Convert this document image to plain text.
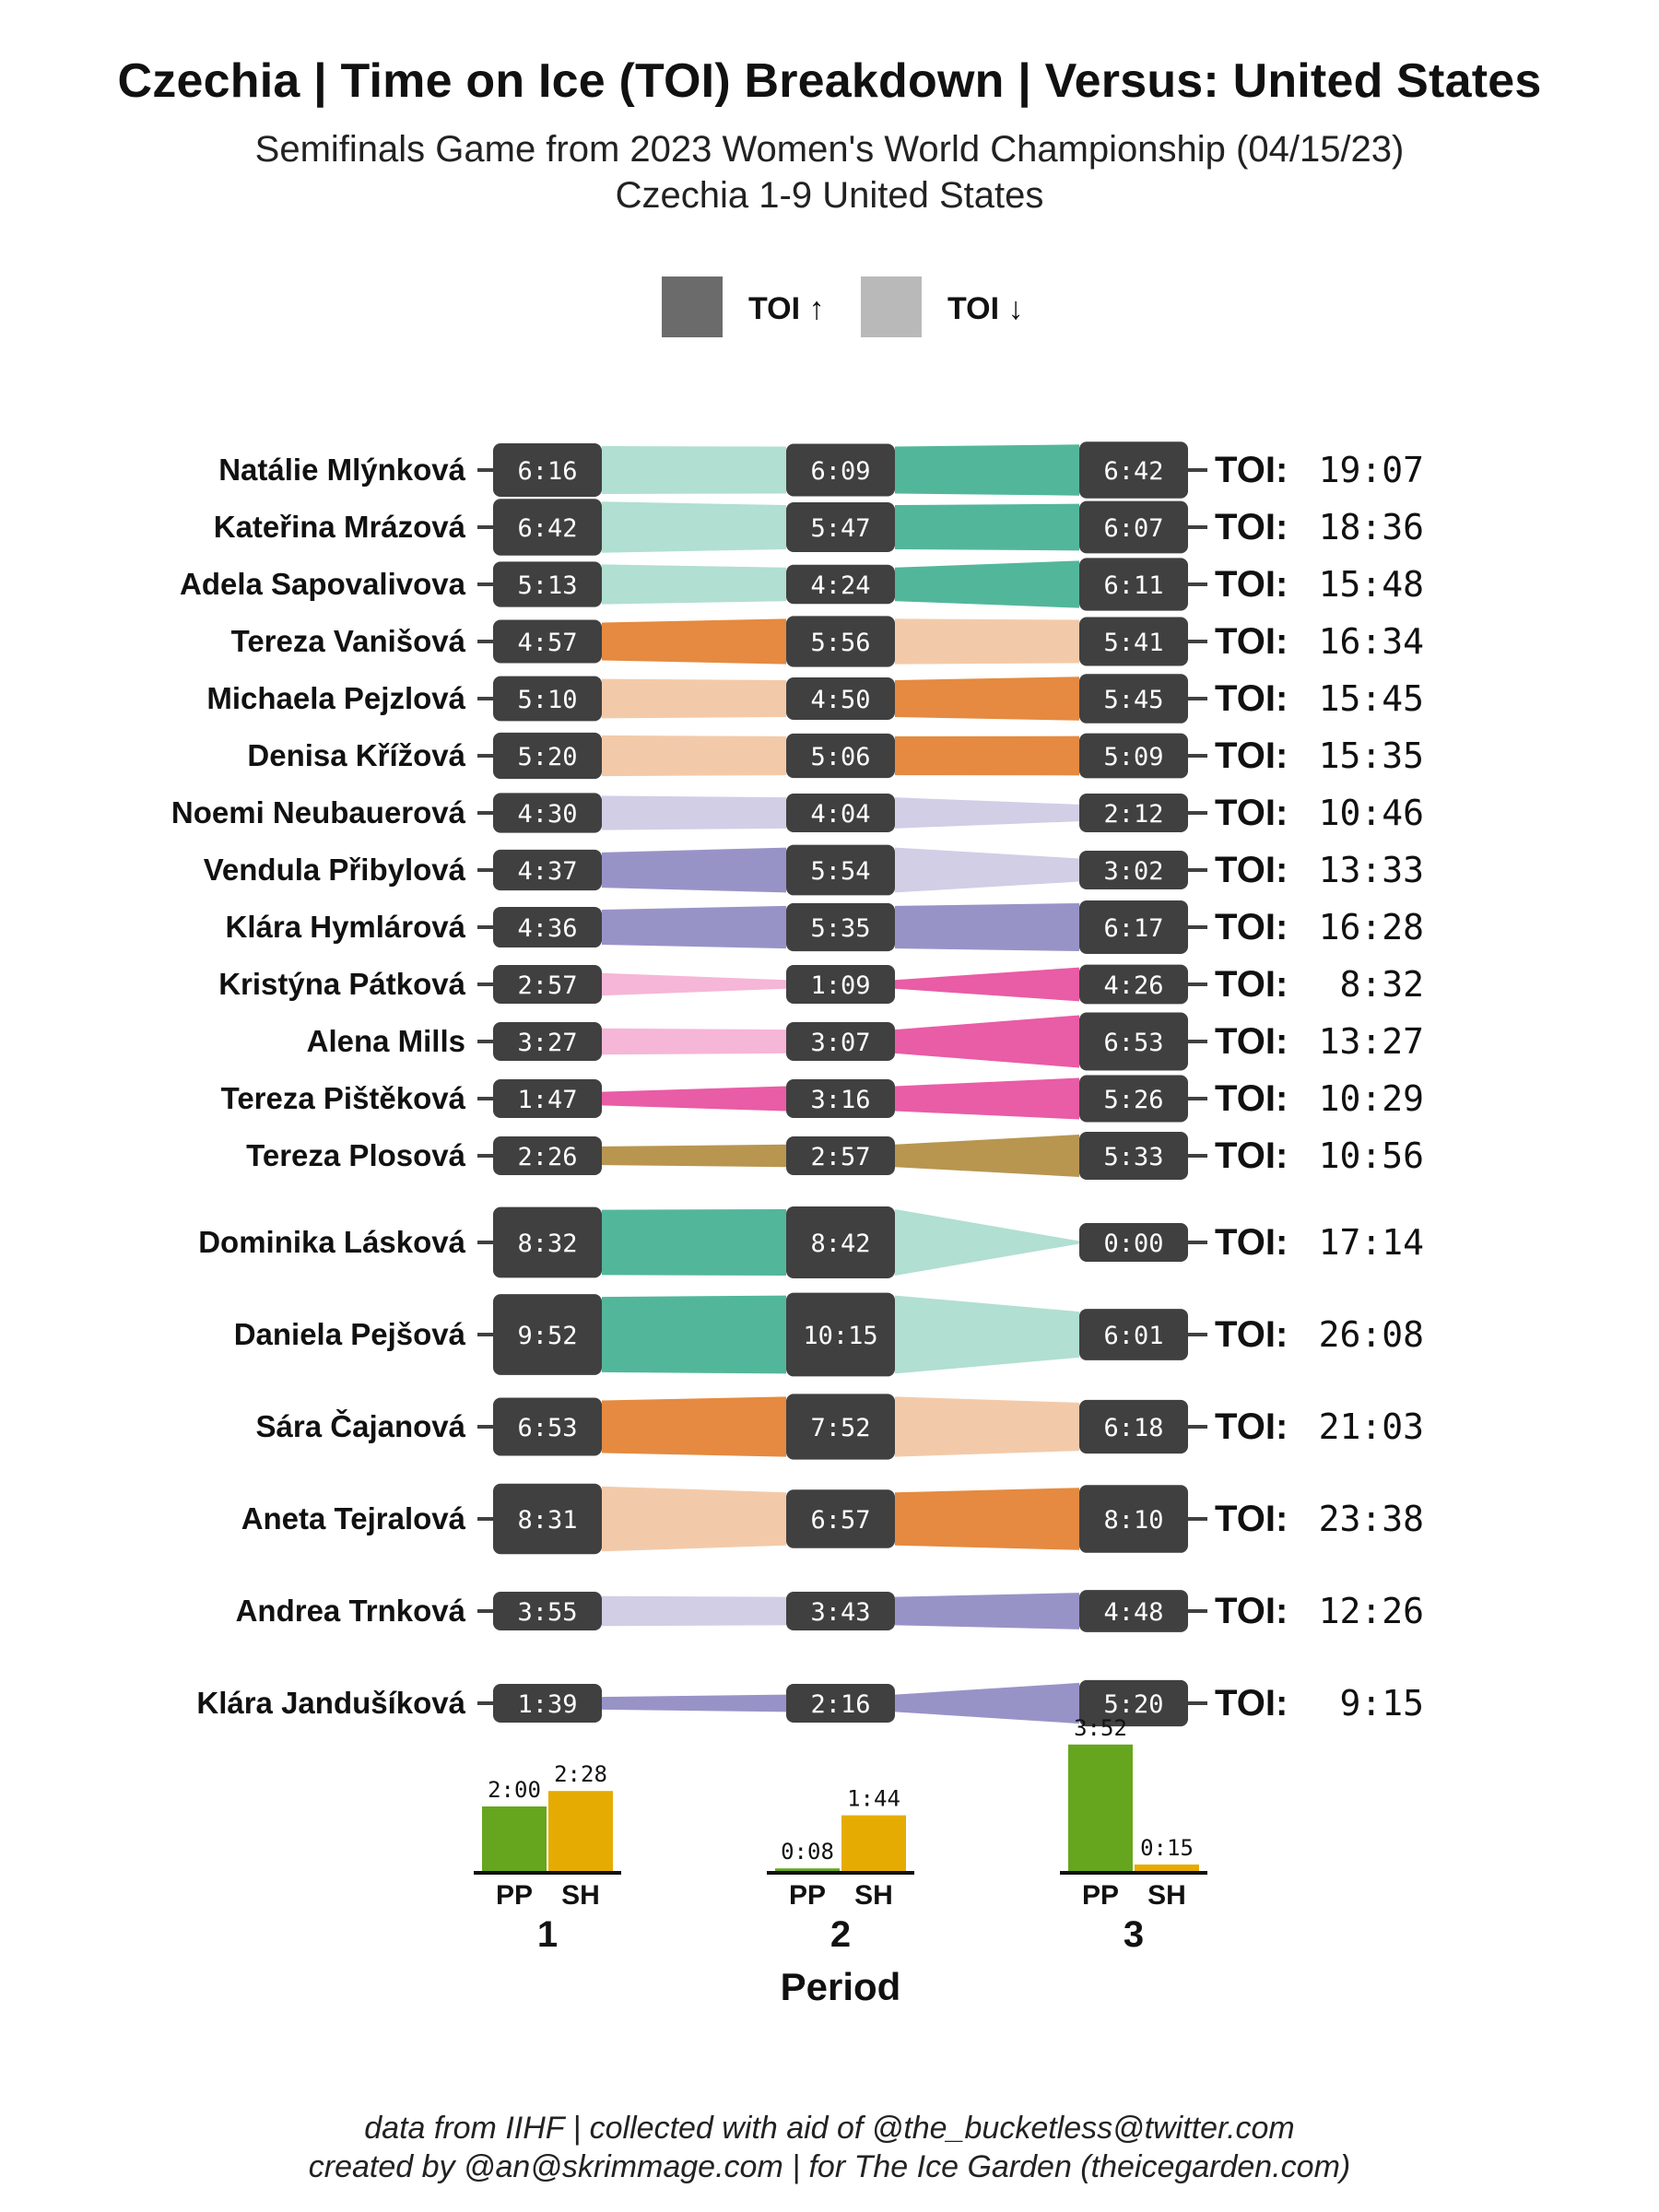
Czechia | Time on Ice (TOI) Breakdown | Versus: United States
Semifinals Game from 2023 Women's World Championship (04/15/23)
Czechia 1-9 United States
TOI ↑	TOI ↓
Natálie Mlýnková 6:16	6:09	6:42 TOI: 19:07
Kateřina Mrázová 6:42	5:47	6:07 TOI: 18:36
Adela Sapovalivova 5:13	4:24	6:11 TOI: 15:48
Tereza Vanišová 4:57	5:56	5:41 TOI: 16:34
Michaela Pejzlová 5:10	4:50	5:45 TOI: 15:45
Denisa Křížová 5:20	5:06	5:09 TOI: 15:35
Noemi Neubauerová 4:30	4:04	2:12 TOI: 10:46
Vendula Přibylová 4:37	5:54	3:02 TOI: 13:33
Klára Hymlárová 4:36	5:35	6:17 TOI: 16:28
Kristýna Pátková 2:57	1:09	4:26 TOI: 8:32
Alena Mills 3:27	3:07	6:53 TOI: 13:27
Tereza Pištěková 1:47	3:16	5:26 TOI: 10:29
Tereza Plosová 2:26	2:57	5:33 TOI: 10:56
Dominika Lásková 8:32	8:42	0:00 TOI: 17:14
Daniela Pejšová 9:52	10:15	6:01 TOI: 26:08
Sára Čajanová 6:53	7:52	6:18 TOI: 21:03
Aneta Tejralová 8:31	6:57	8:10 TOI: 23:38
Andrea Trnková 3:55	3:43	4:48 TOI: 12:26
Klára Jandušíková 1:39	2:16	5:20 TOI: 9:15
2:00
2:28
PP SH
1
0:08
1:44
PP SH
2
3:52
0:15
PP SH
3
Period
data from IIHF | collected with aid of @the_bucketless@twitter.com
created by @an@skrimmage.com | for The Ice Garden (theicegarden.com)
